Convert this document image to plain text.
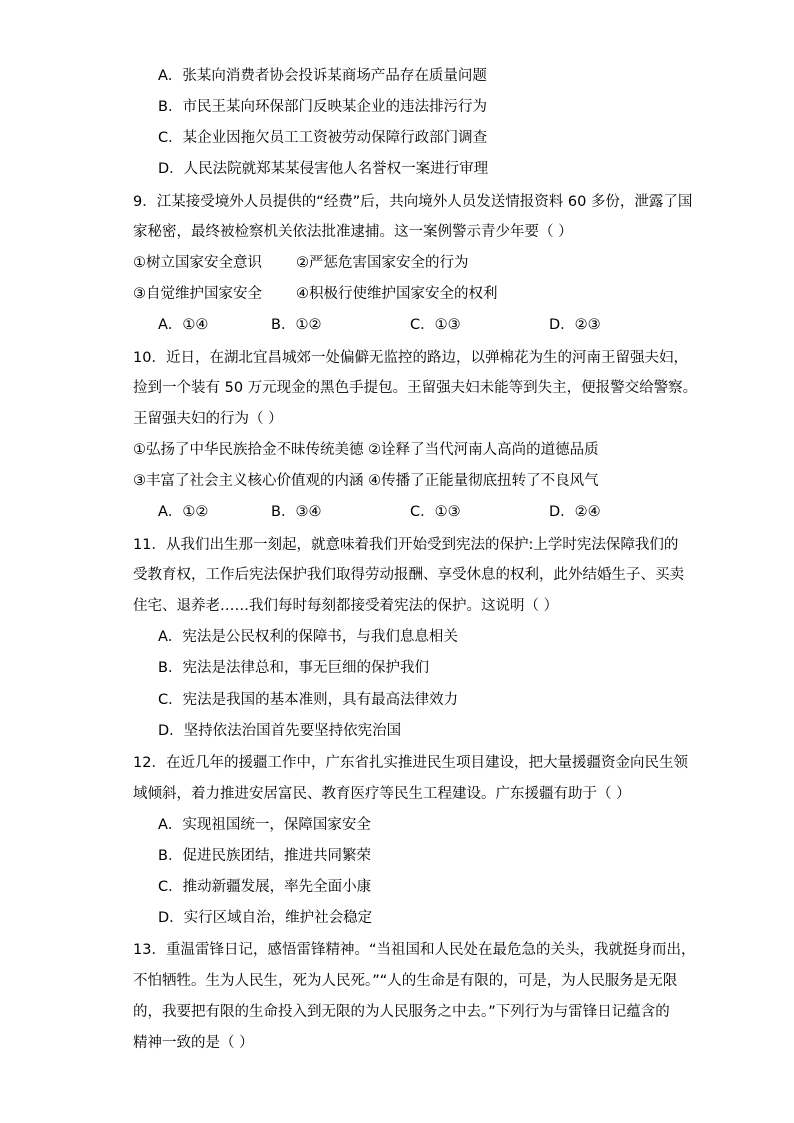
A．张某向消费者协会投诉某商场产品存在质量问题
B．市民王某向环保部门反映某企业的违法排污行为
C．某企业因拖欠员工工资被劳动保障行政部门调查
D．人民法院就郑某某侵害他人名誉权一案进行审理
9．江某接受境外人员提供的“经费”后，共向境外人员发送情报资料 60 多份，泄露了国
家秘密，最终被检察机关依法批准逮捕。这一案例警示青少年要（ ）
①树立国家安全意识 ②严惩危害国家安全的行为
③自觉维护国家安全 ④积极行使维护国家安全的权利
A．①④	B．①②	C．①③	D．②③
10．近日，在湖北宜昌城郊一处偏僻无监控的路边，以弹棉花为生的河南王留强夫妇，
捡到一个装有 50 万元现金的黑色手提包。王留强夫妇未能等到失主，便报警交给警察。
王留强夫妇的行为（ ）
①弘扬了中华民族拾金不昧传统美德 ②诠释了当代河南人高尚的道德品质
③丰富了社会主义核心价值观的内涵 ④传播了正能量彻底扭转了不良风气
A．①②	B．③④	C．①③	D．②④
11．从我们出生那一刻起，就意味着我们开始受到宪法的保护:上学时宪法保障我们的
受教育权，工作后宪法保护我们取得劳动报酬、享受休息的权利，此外结婚生子、买卖
住宅、退养老……我们每时每刻都接受着宪法的保护。这说明（ ）
A．宪法是公民权利的保障书，与我们息息相关
B．宪法是法律总和，事无巨细的保护我们
C．宪法是我国的基本准则，具有最高法律效力
D．坚持依法治国首先要坚持依宪治国
12．在近几年的援疆工作中，广东省扎实推进民生项目建设，把大量援疆资金向民生领
域倾斜，着力推进安居富民、教育医疗等民生工程建设。广东援疆有助于（ ）
A．实现祖国统一，保障国家安全
B．促进民族团结，推进共同繁荣
C．推动新疆发展，率先全面小康
D．实行区域自治，维护社会稳定
13．重温雷锋日记，感悟雷锋精神。“当祖国和人民处在最危急的关头，我就挺身而出，
不怕牺牲。生为人民生，死为人民死。”“人的生命是有限的，可是，为人民服务是无限
的，我要把有限的生命投入到无限的为人民服务之中去。”下列行为与雷锋日记蕴含的
精神一致的是（ ）
